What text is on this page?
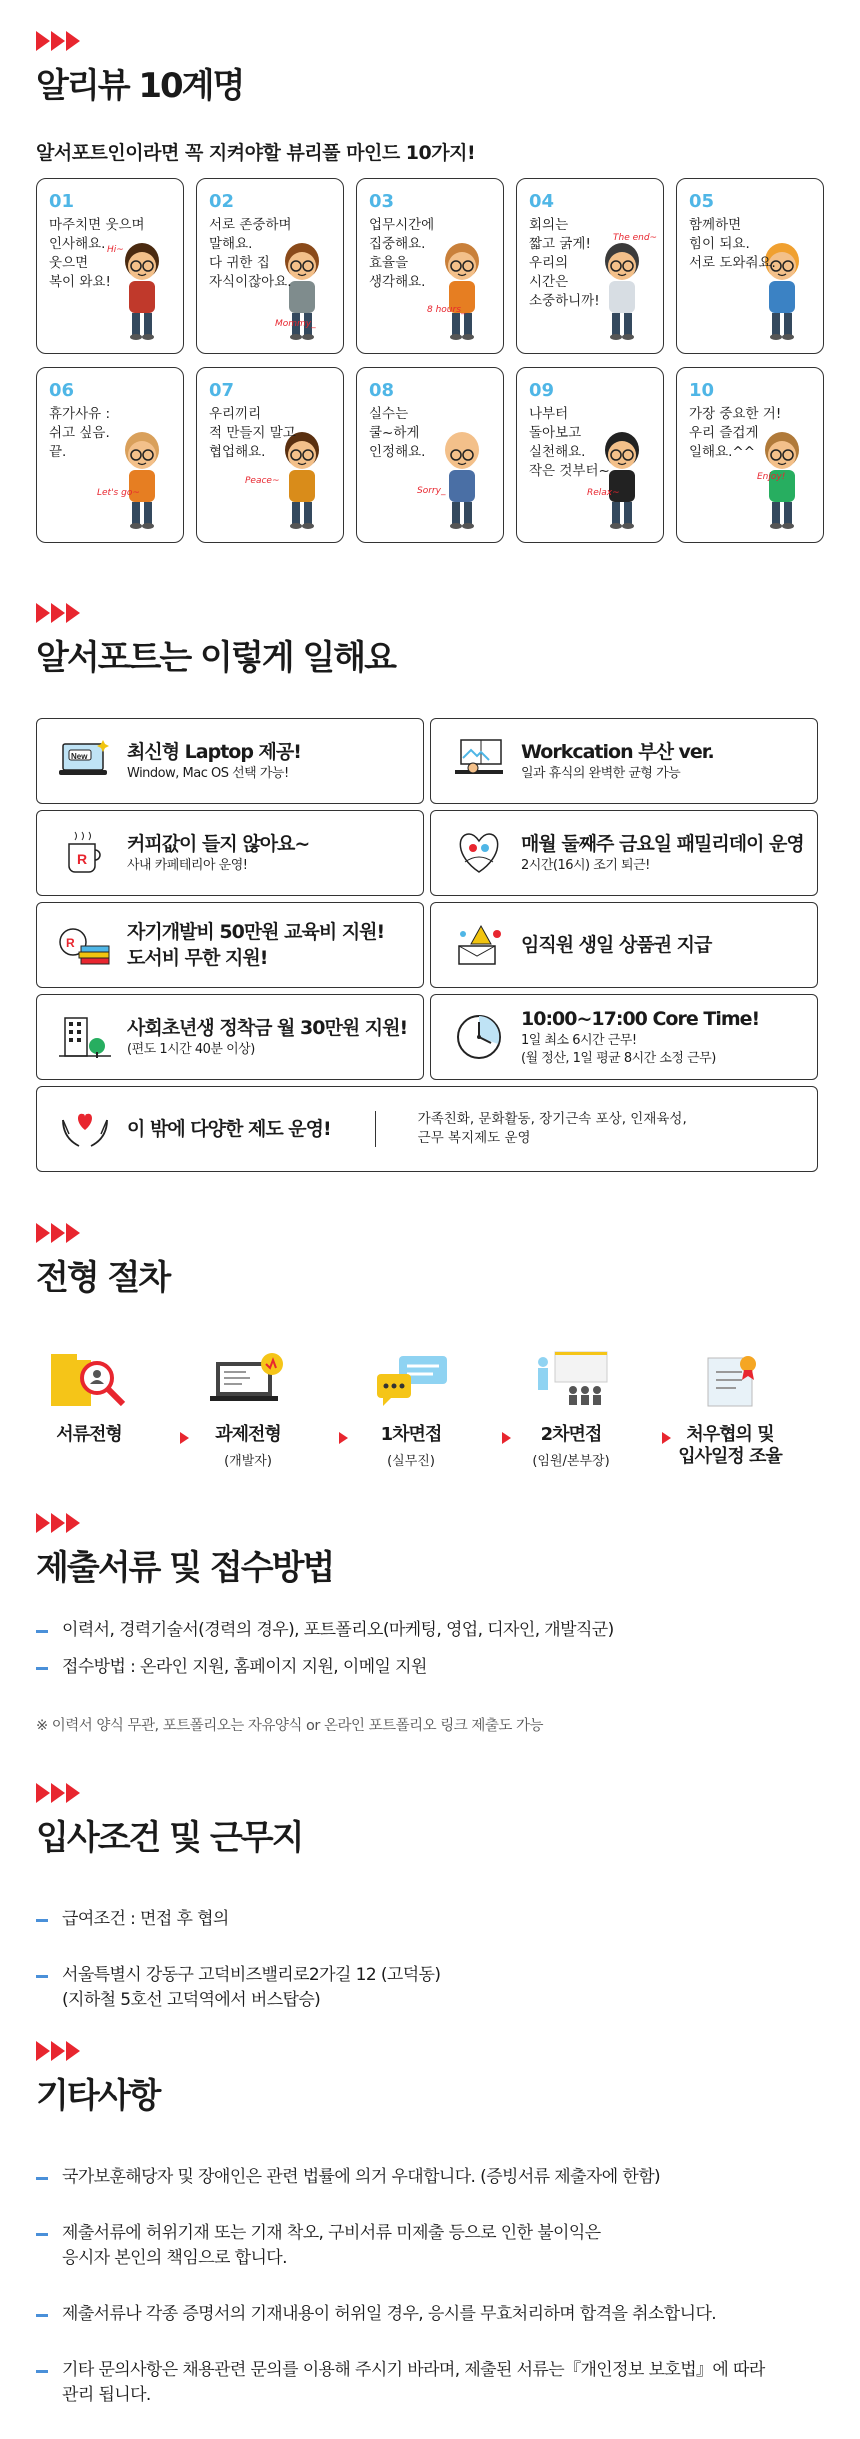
알리뷰 10계명
알서포트인이라면 꼭 지켜야할 뷰리풀 마인드 10가지!
01
마주치면 웃으며
인사해요.
웃으면
복이 와요!
Hi~
02
서로 존중하며
말해요.
다 귀한 집
자식이잖아요.
Mommy_
03
업무시간에
집중해요.
효율을
생각해요.
8 hours_
04
회의는
짧고 굵게!
우리의
시간은
소중하니까!
The end~
05
함께하면
힘이 되요.
서로 도와줘요.
06
휴가사유 :
쉬고 싶음.
끝.
Let's go~
07
우리끼리
적 만들지 말고
협업해요.
Peace~
08
실수는
쿨~하게
인정해요.
Sorry_
09
나부터
돌아보고
실천해요.
작은 것부터~
Relax~
10
가장 중요한 거!
우리 즐겁게
일해요.^^
Enjoy!
알서포트는 이렇게 일해요
New 최신형 Laptop 제공!
Window, Mac OS 선택 가능!
Workcation 부산 ver.
일과 휴식의 완벽한 균형 가능
R
커피값이 들지 않아요~
사내 카페테리아 운영!
매월 둘째주 금요일 패밀리데이 운영
2시간(16시) 조기 퇴근!
R	자기개발비 50만원 교육비 지원!
도서비 무한 지원!
임직원 생일 상품권 지급
사회초년생 정착금 월 30만원 지원!
(편도 1시간 40분 이상)
10:00~17:00 Core Time!
1일 최소 6시간 근무!
(월 정산, 1일 평균 8시간 소정 근무)
이 밖에 다양한 제도 운영!	가족친화, 문화활동, 장기근속 포상, 인재육성,
근무 복지제도 운영
전형 절차
서류전형	과제전형
(개발자)
1차면접
(실무진)
2차면접
(임원/본부장)
처우협의 및
입사일정 조율
제출서류 및 접수방법
이력서, 경력기술서(경력의 경우), 포트폴리오(마케팅, 영업, 디자인, 개발직군)
접수방법 : 온라인 지원, 홈페이지 지원, 이메일 지원
※ 이력서 양식 무관, 포트폴리오는 자유양식 or 온라인 포트폴리오 링크 제출도 가능
입사조건 및 근무지

급여조건 : 면접 후 협의

서울특별시 강동구 고덕비즈밸리로2가길 12 (고덕동)
(지하철 5호선 고덕역에서 버스탑승)

기타사항

국가보훈해당자 및 장애인은 관련 법률에 의거 우대합니다. (증빙서류 제출자에 한함)

제출서류에 허위기재 또는 기재 착오, 구비서류 미제출 등으로 인한 불이익은
응시자 본인의 책임으로 합니다.

제출서류나 각종 증명서의 기재내용이 허위일 경우, 응시를 무효처리하며 합격을 취소합니다.

기타 문의사항은 채용관련 문의를 이용해 주시기 바라며, 제출된 서류는『개인정보 보호법』에 따라
관리 됩니다.
